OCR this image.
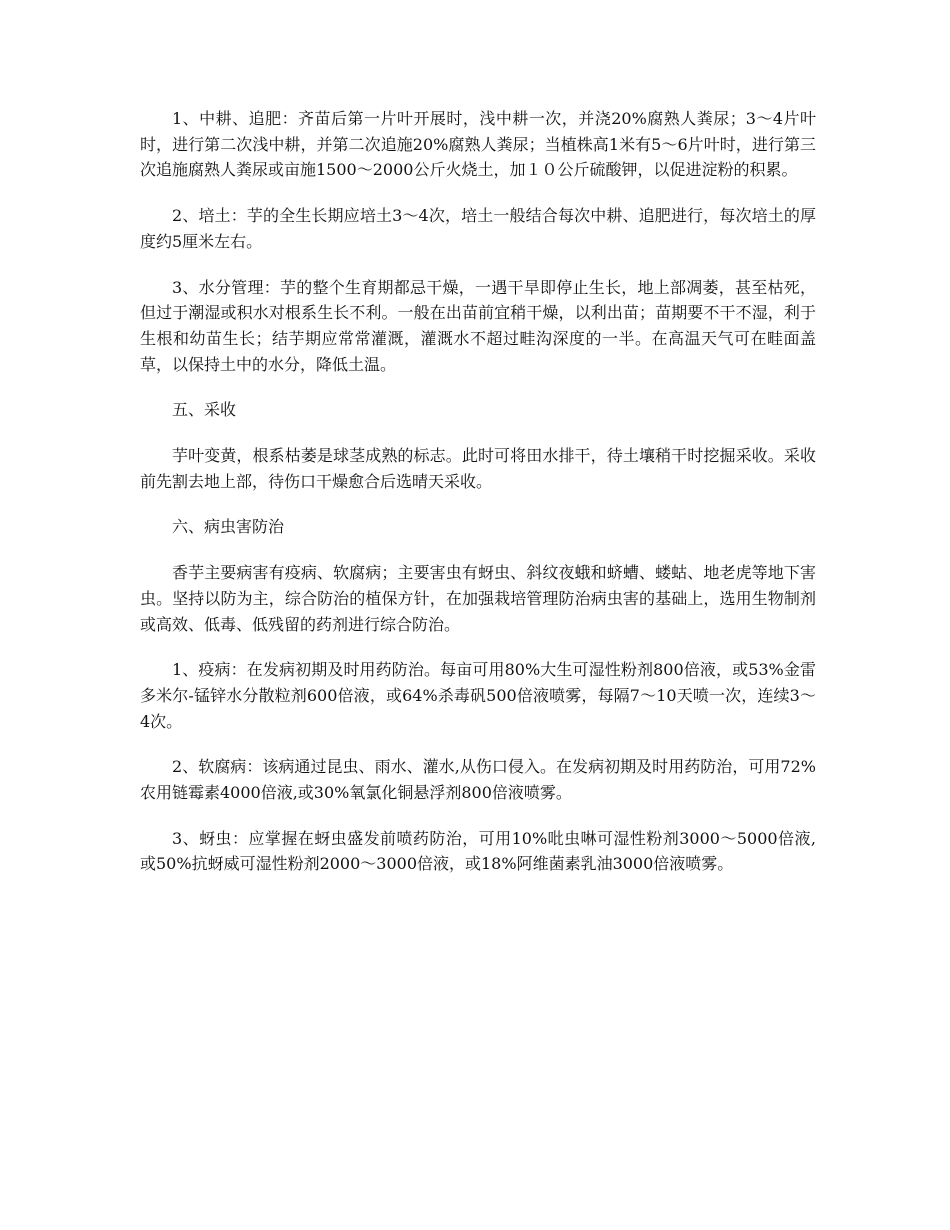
1、中耕、追肥：齐苗后第一片叶开展时，浅中耕一次，并浇20%腐熟人粪尿；3～4片叶时，进行第二次浅中耕，并第二次追施20%腐熟人粪尿；当植株高1米有5～6片叶时，进行第三次追施腐熟人粪尿或亩施1500～2000公斤火烧土，加１０公斤硫酸钾，以促进淀粉的积累。

2、培土：芋的全生长期应培土3～4次，培土一般结合每次中耕、追肥进行，每次培土的厚度约5厘米左右。

3、水分管理：芋的整个生育期都忌干燥，一遇干旱即停止生长，地上部凋萎，甚至枯死，但过于潮湿或积水对根系生长不利。一般在出苗前宜稍干燥，以利出苗；苗期要不干不湿，利于生根和幼苗生长；结芋期应常常灌溉，灌溉水不超过畦沟深度的一半。在高温天气可在畦面盖草，以保持土中的水分，降低土温。

五、采收

芋叶变黄，根系枯萎是球茎成熟的标志。此时可将田水排干，待土壤稍干时挖掘采收。采收前先割去地上部，待伤口干燥愈合后选晴天采收。

六、病虫害防治

香芋主要病害有疫病、软腐病；主要害虫有蚜虫、斜纹夜蛾和蛴螬、蝼蛄、地老虎等地下害虫。坚持以防为主，综合防治的植保方针，在加强栽培管理防治病虫害的基础上，选用生物制剂或高效、低毒、低残留的药剂进行综合防治。

1、疫病：在发病初期及时用药防治。每亩可用80%大生可湿性粉剂800倍液，或53%金雷多米尔-锰锌水分散粒剂600倍液，或64%杀毒矾500倍液喷雾，每隔7～10天喷一次，连续3～4次。

2、软腐病：该病通过昆虫、雨水、灌水,从伤口侵入。在发病初期及时用药防治，可用72%农用链霉素4000倍液,或30%氧氯化铜悬浮剂800倍液喷雾。

3、蚜虫：应掌握在蚜虫盛发前喷药防治，可用10%吡虫啉可湿性粉剂3000～5000倍液,或50%抗蚜威可湿性粉剂2000～3000倍液，或18%阿维菌素乳油3000倍液喷雾。
